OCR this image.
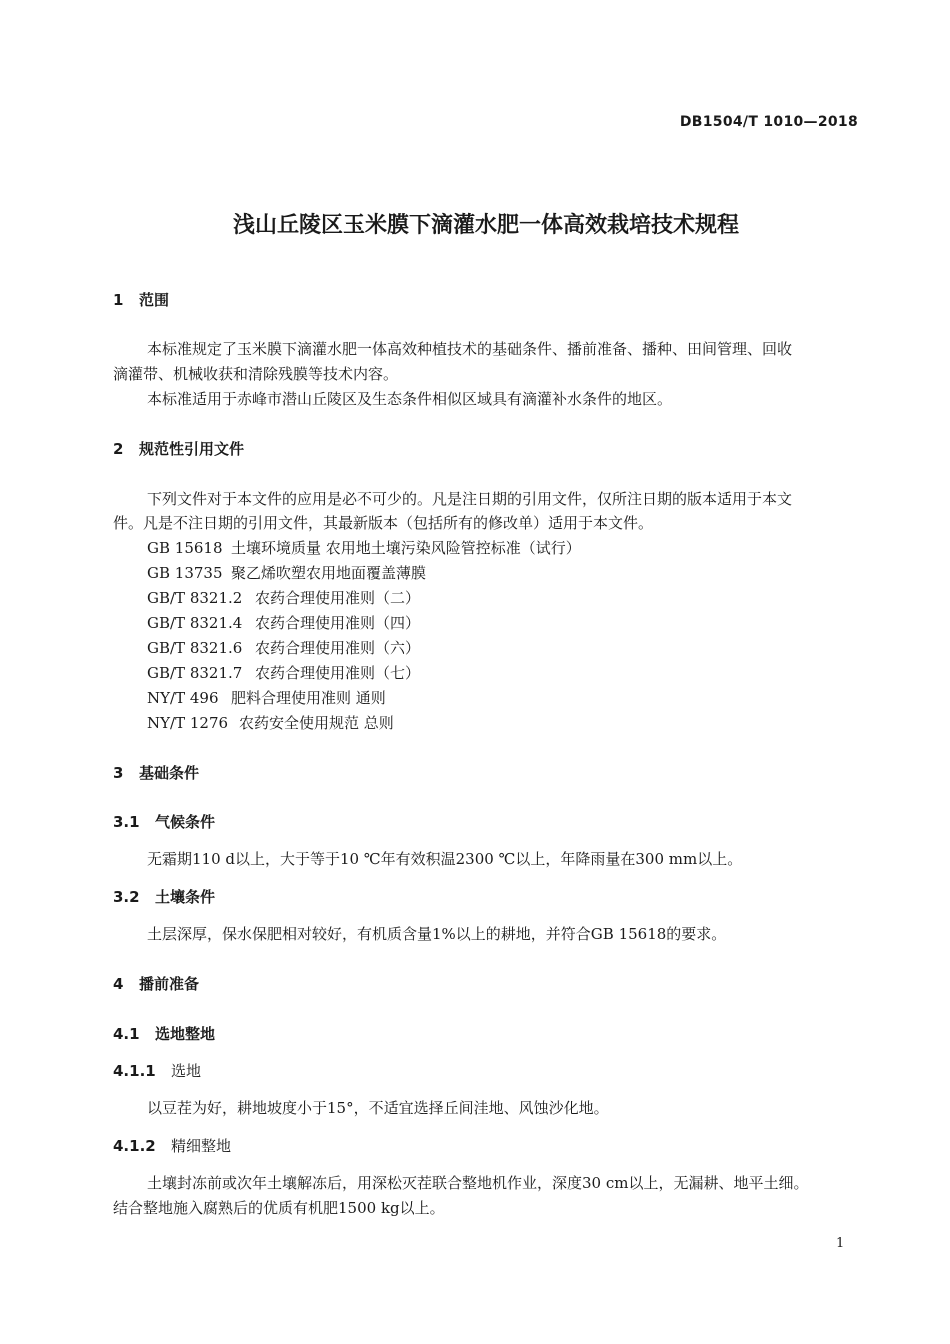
DB1504/T 1010—2018
浅山丘陵区玉米膜下滴灌水肥一体高效栽培技术规程
1 范围
本标准规定了玉米膜下滴灌水肥一体高效种植技术的基础条件、播前准备、播种、田间管理、回收
滴灌带、机械收获和清除残膜等技术内容。
本标准适用于赤峰市潜山丘陵区及生态条件相似区域具有滴灌补水条件的地区。
2 规范性引用文件
下列文件对于本文件的应用是必不可少的。凡是注日期的引用文件，仅所注日期的版本适用于本文
件。凡是不注日期的引用文件，其最新版本（包括所有的修改单）适用于本文件。
GB 15618 土壤环境质量 农用地土壤污染风险管控标准（试行）
GB 13735 聚乙烯吹塑农用地面覆盖薄膜
GB/T 8321.2 农药合理使用准则（二）
GB/T 8321.4 农药合理使用准则（四）
GB/T 8321.6 农药合理使用准则（六）
GB/T 8321.7 农药合理使用准则（七）
NY/T 496 肥料合理使用准则 通则
NY/T 1276 农药安全使用规范 总则
3 基础条件
3.1 气候条件
无霜期110 d以上，大于等于10 ℃年有效积温2300 ℃以上，年降雨量在300 mm以上。
3.2 土壤条件
土层深厚，保水保肥相对较好，有机质含量1%以上的耕地，并符合GB 15618的要求。
4 播前准备
4.1 选地整地
4.1.1 选地
以豆茬为好，耕地坡度小于15°，不适宜选择丘间洼地、风蚀沙化地。
4.1.2 精细整地
土壤封冻前或次年土壤解冻后，用深松灭茬联合整地机作业，深度30 cm以上，无漏耕、地平土细。
结合整地施入腐熟后的优质有机肥1500 kg以上。
1
